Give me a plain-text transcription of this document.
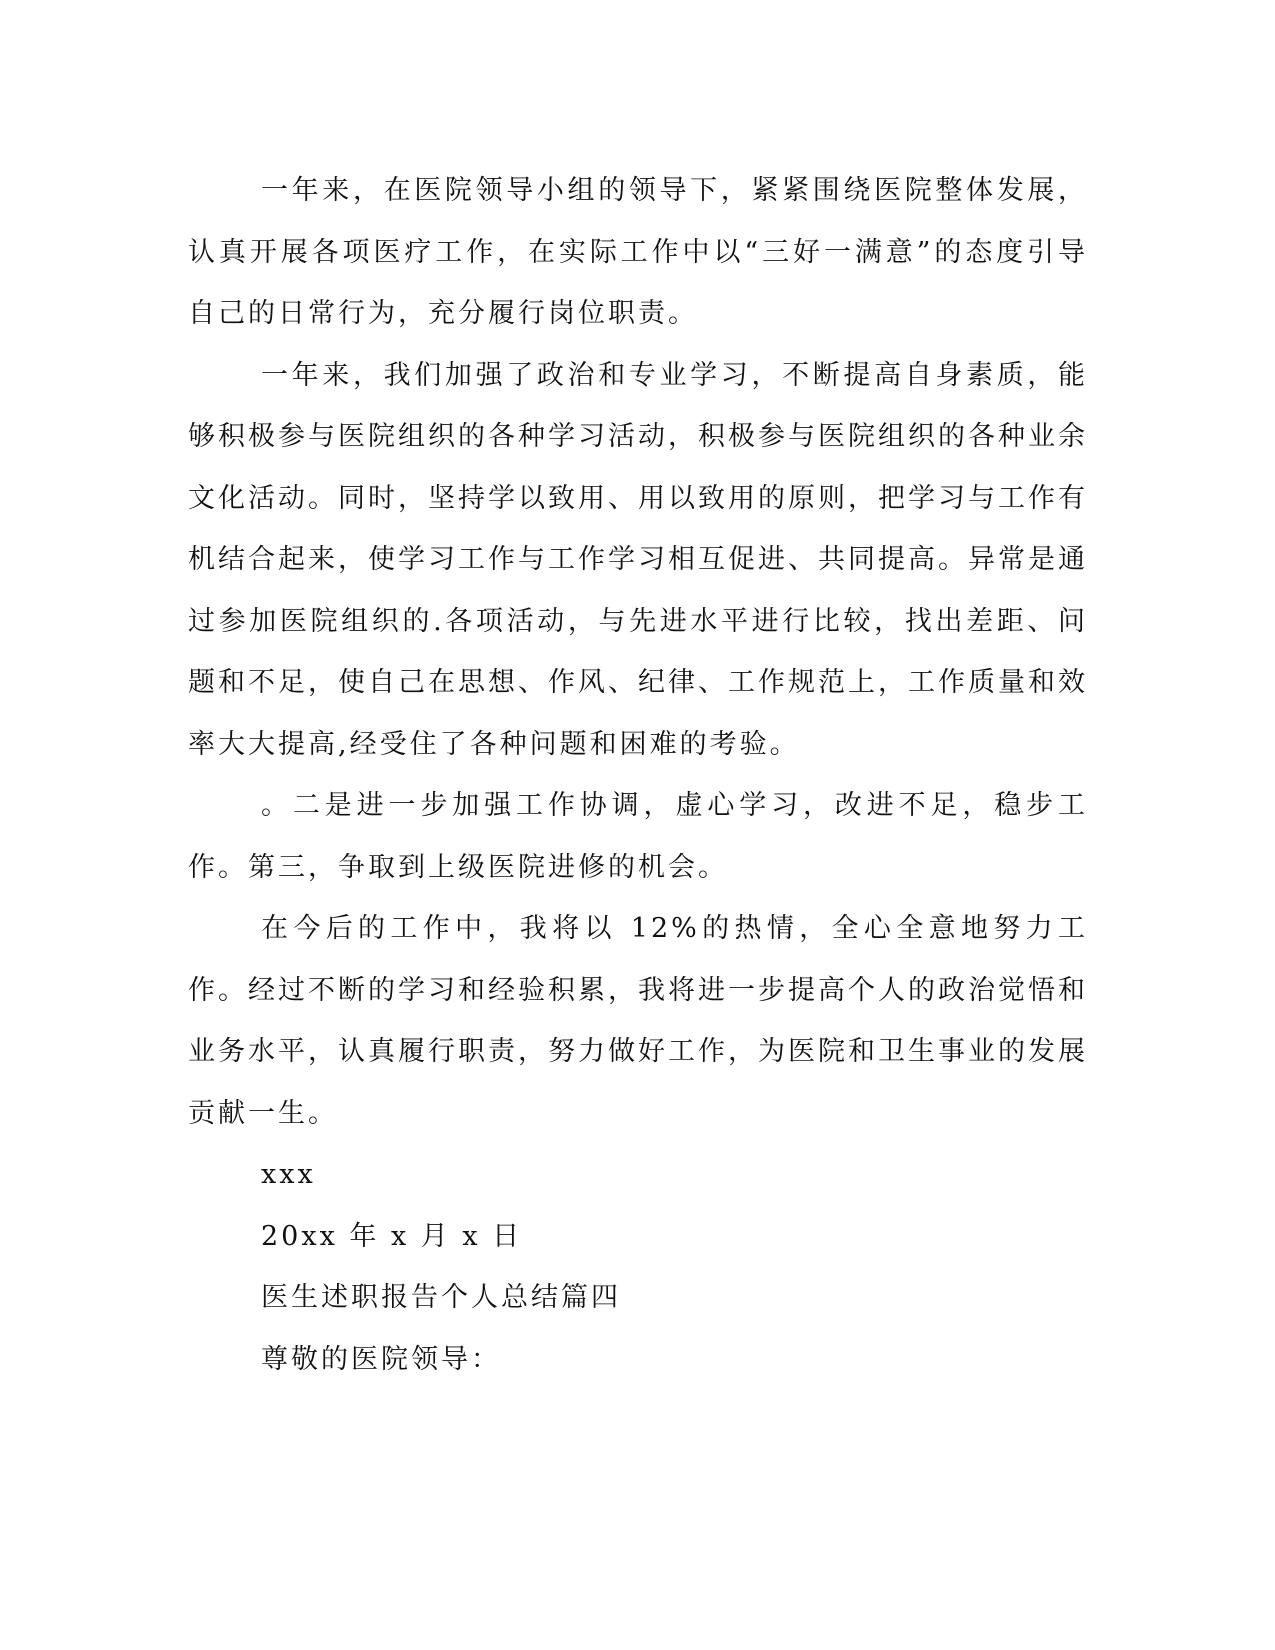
一年来，在医院领导小组的领导下，紧紧围绕医院整体发展，认真开展各项医疗工作，在实际工作中以“三好一满意”的态度引导自己的日常行为，充分履行岗位职责。

一年来，我们加强了政治和专业学习，不断提高自身素质，能够积极参与医院组织的各种学习活动，积极参与医院组织的各种业余文化活动。同时，坚持学以致用、用以致用的原则，把学习与工作有机结合起来，使学习工作与工作学习相互促进、共同提高。异常是通过参加医院组织的.各项活动，与先进水平进行比较，找出差距、问题和不足，使自己在思想、作风、纪律、工作规范上，工作质量和效率大大提高,经受住了各种问题和困难的考验。

。二是进一步加强工作协调，虚心学习，改进不足，稳步工作。第三，争取到上级医院进修的机会。

在今后的工作中，我将以 12%的热情，全心全意地努力工作。经过不断的学习和经验积累，我将进一步提高个人的政治觉悟和业务水平，认真履行职责，努力做好工作，为医院和卫生事业的发展贡献一生。

xxx

20xx 年 x 月 x 日

医生述职报告个人总结篇四

尊敬的医院领导：
